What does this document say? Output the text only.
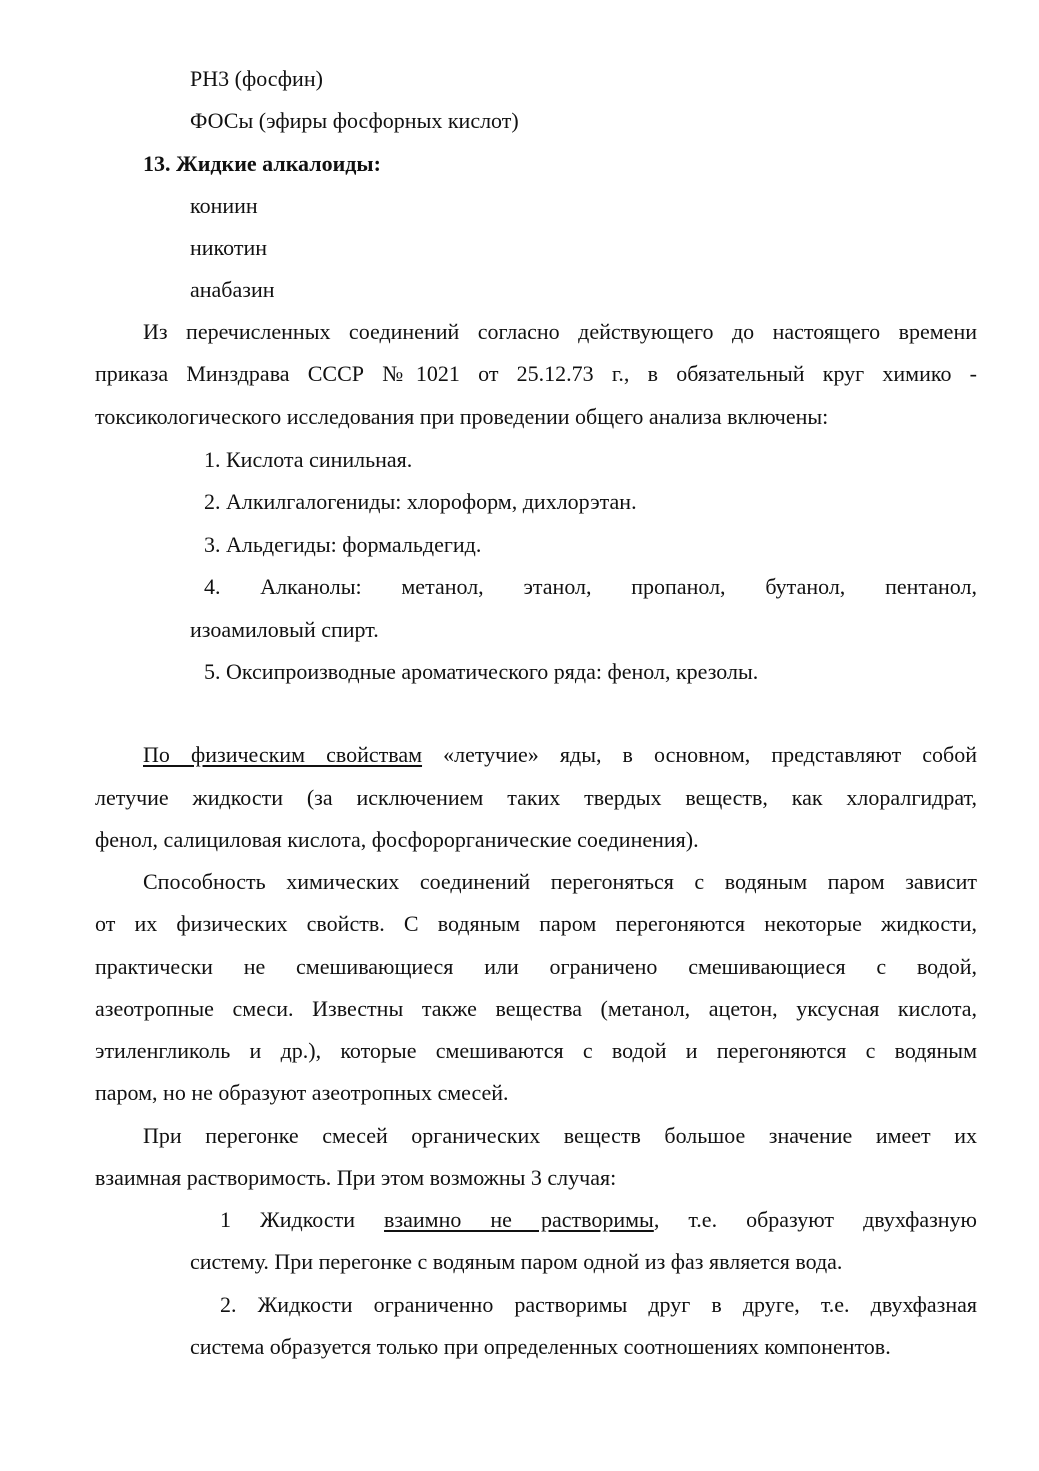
PH3 (фосфин)
ФОСы (эфиры фосфорных кислот)
13. Жидкие алкалоиды:
кониин
никотин
анабазин
Из перечисленных соединений согласно действующего до настоящего времени
приказа Минздрава СССР №1021 от 25.12.73 г., в обязательный круг химико -
токсикологического исследования при проведении общего анализа включены:
1. Кислота синильная.
2. Алкилгалогениды: хлороформ, дихлорэтан.
3. Альдегиды: формальдегид.
4. Алканолы: метанол, этанол, пропанол, бутанол, пентанол,
изоамиловый спирт.
5. Оксипроизводные ароматического ряда: фенол, крезолы.
По физическим свойствам «летучие» яды, в основном, представляют собой
летучие жидкости (за исключением таких твердых веществ, как хлоралгидрат,
фенол, салициловая кислота, фосфорорганические соединения).
Способность химических соединений перегоняться с водяным паром зависит
от их физических свойств. С водяным паром перегоняются некоторые жидкости,
практически не смешивающиеся или ограничено смешивающиеся с водой,
азеотропные смеси. Известны также вещества (метанол, ацетон, уксусная кислота,
этиленгликоль и др.), которые смешиваются с водой и перегоняются с водяным
паром, но не образуют азеотропных смесей.
При перегонке смесей органических веществ большое значение имеет их
взаимная растворимость. При этом возможны 3 случая:
1 Жидкости взаимно не растворимы, т.е. образуют двухфазную
систему. При перегонке с водяным паром одной из фаз является вода.
2. Жидкости ограниченно растворимы друг в друге, т.е. двухфазная
система образуется только при определенных соотношениях компонентов.
